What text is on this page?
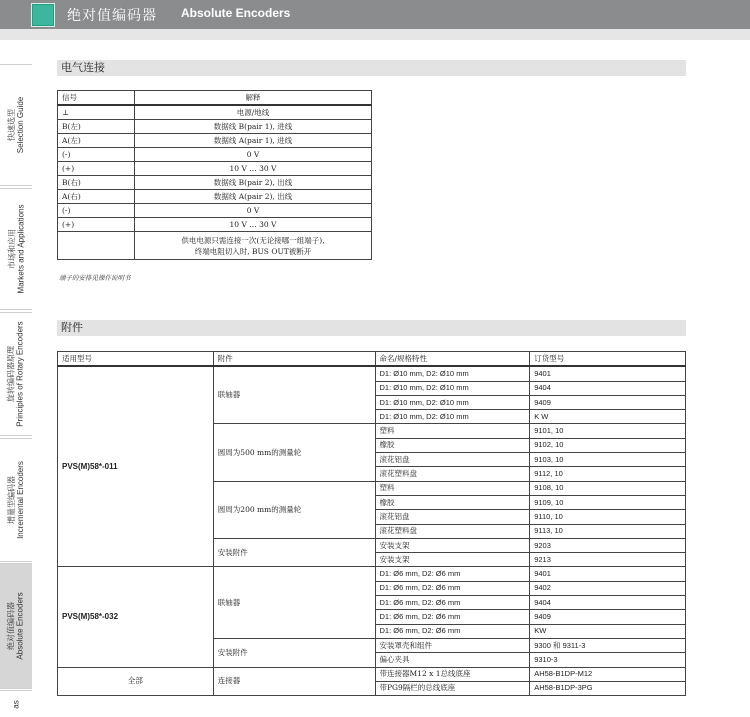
绝对值编码器 Absolute Encoders
快速选型 Selection Guide
市场和应用 Markets and Applications
旋转编码器原理 Principles of Rotary Encoders
增量型编码器 Incremental Encoders
绝对值编码器 Absolute Encoders
as
电气连接
信号	解释
⊥	电源/地线
B(左)	数据线 B(pair 1), 进线
A(左)	数据线 A(pair 1), 进线
(-)	0 V
(+)	10 V … 30 V
B(右)	数据线 B(pair 2), 出线
A(右)	数据线 A(pair 2), 出线
(-)	0 V
(+)	10 V … 30 V

	供电电源只需连接一次(无论接哪一组端子),
终端电阻切入时, BUS OUT被断开
端子的安排见操作说明书
附件
适用型号	附件	命名/规格特性	订货型号
PVS(M)58*-011	联轴器	D1: Ø10 mm, D2: Ø10 mm	9401
		D1: Ø10 mm, D2: Ø10 mm	9404
		D1: Ø10 mm, D2: Ø10 mm	9409
		D1: Ø10 mm, D2: Ø10 mm	K W
	圆周为500 mm的测量轮	塑料	9101, 10
		橡胶	9102, 10
		滚花铝盘	9103, 10
		滚花塑料盘	9112, 10
	圆周为200 mm的测量轮	塑料	9108, 10
		橡胶	9109, 10
		滚花铝盘	9110, 10
		滚花塑料盘	9113, 10
	安装附件	安装支架	9203
		安装支架	9213
PVS(M)58*-032	联轴器	D1: Ø6 mm, D2: Ø6 mm	9401
		D1: Ø6 mm, D2: Ø6 mm	9402
		D1: Ø6 mm, D2: Ø6 mm	9404
		D1: Ø6 mm, D2: Ø6 mm	9409
		D1: Ø6 mm, D2: Ø6 mm	KW
	安装附件	安装罩壳和组件	9300 和 9311-3
		偏心夹具	9310-3
全部	连接器	带连接器M12 x 1总线底座	AH58-B1DP-M12
		带PG9隔栏的总线底座	AH58-B1DP-3PG
